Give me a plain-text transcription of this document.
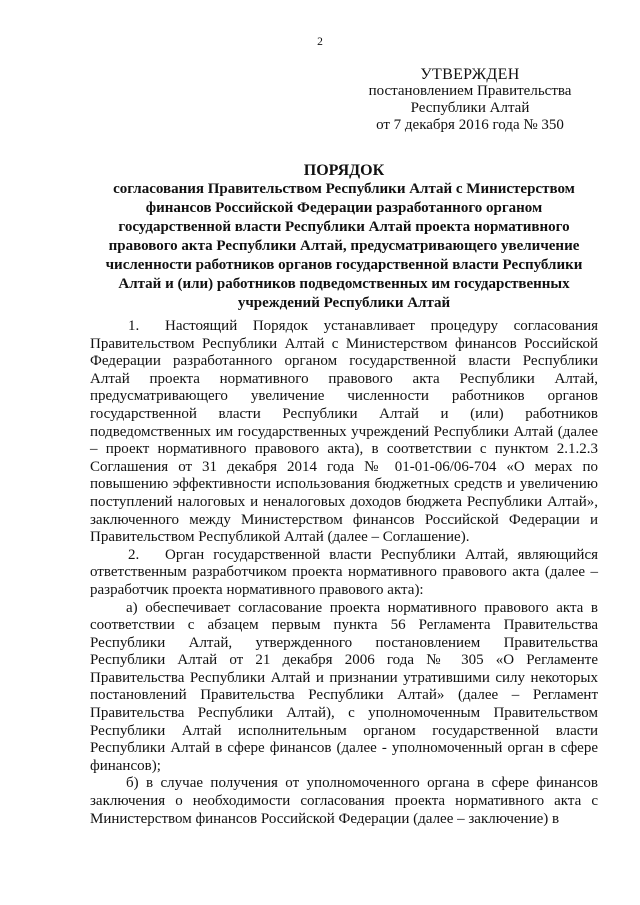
2
УТВЕРЖДЕН
постановлением Правительства
Республики Алтай
от 7 декабря 2016 года № 350
ПОРЯДОК
согласования Правительством Республики Алтай с Министерством финансов Российской Федерации разработанного органом государственной власти Республики Алтай проекта нормативного правового акта Республики Алтай, предусматривающего увеличение численности работников органов государственной власти Республики Алтай и (или) работников подведомственных им государственных учреждений Республики Алтай

1. Настоящий Порядок устанавливает процедуру согласования Правительством Республики Алтай с Министерством финансов Российской Федерации разработанного органом государственной власти Республики Алтай проекта нормативного правового акта Республики Алтай, предусматривающего увеличение численности работников органов государственной власти Республики Алтай и (или) работников подведомственных им государственных учреждений Республики Алтай (далее – проект нормативного правового акта), в соответствии с пунктом 2.1.2.3 Соглашения от 31 декабря 2014 года № 01-01-06/06-704 «О мерах по повышению эффективности использования бюджетных средств и увеличению поступлений налоговых и неналоговых доходов бюджета Республики Алтай», заключенного между Министерством финансов Российской Федерации и Правительством Республикой Алтай (далее – Соглашение).

2. Орган государственной власти Республики Алтай, являющийся ответственным разработчиком проекта нормативного правового акта (далее – разработчик проекта нормативного правового акта):

а) обеспечивает согласование проекта нормативного правового акта в соответствии с абзацем первым пункта 56 Регламента Правительства Республики Алтай, утвержденного постановлением Правительства Республики Алтай от 21 декабря 2006 года № 305 «О Регламенте Правительства Республики Алтай и признании утратившими силу некоторых постановлений Правительства Республики Алтай» (далее – Регламент Правительства Республики Алтай), с уполномоченным Правительством Республики Алтай исполнительным органом государственной власти Республики Алтай в сфере финансов (далее - уполномоченный орган в сфере финансов);

б) в случае получения от уполномоченного органа в сфере финансов заключения о необходимости согласования проекта нормативного акта с Министерством финансов Российской Федерации (далее – заключение) в
